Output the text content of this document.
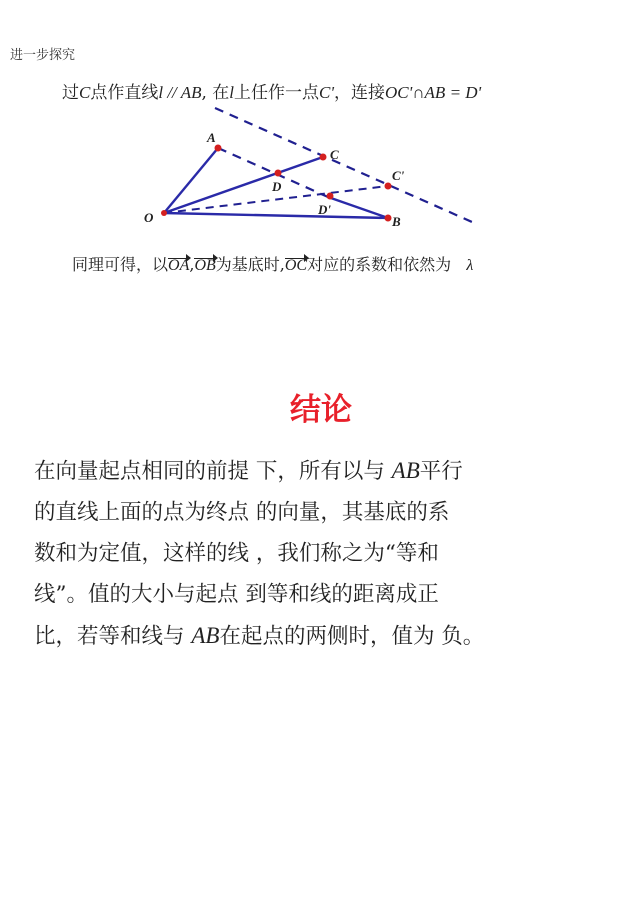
进一步探究
过C点作直线l // AB, 在l上任作一点C'，连接OC'∩AB = D'
A
B
C
D
O
C'
D'
同理可得，以OA,OB为基底时,OC对应的系数和依然为 λ
结论

在向量起点相同的前提 下，所有以与 AB平行
的直线上面的点为终点 的向量，其基底的系
数和为定值，这样的线 ，我们称之为“等和
线”。值的大小与起点 到等和线的距离成正
比，若等和线与 AB在起点的两侧时，值为 负。
